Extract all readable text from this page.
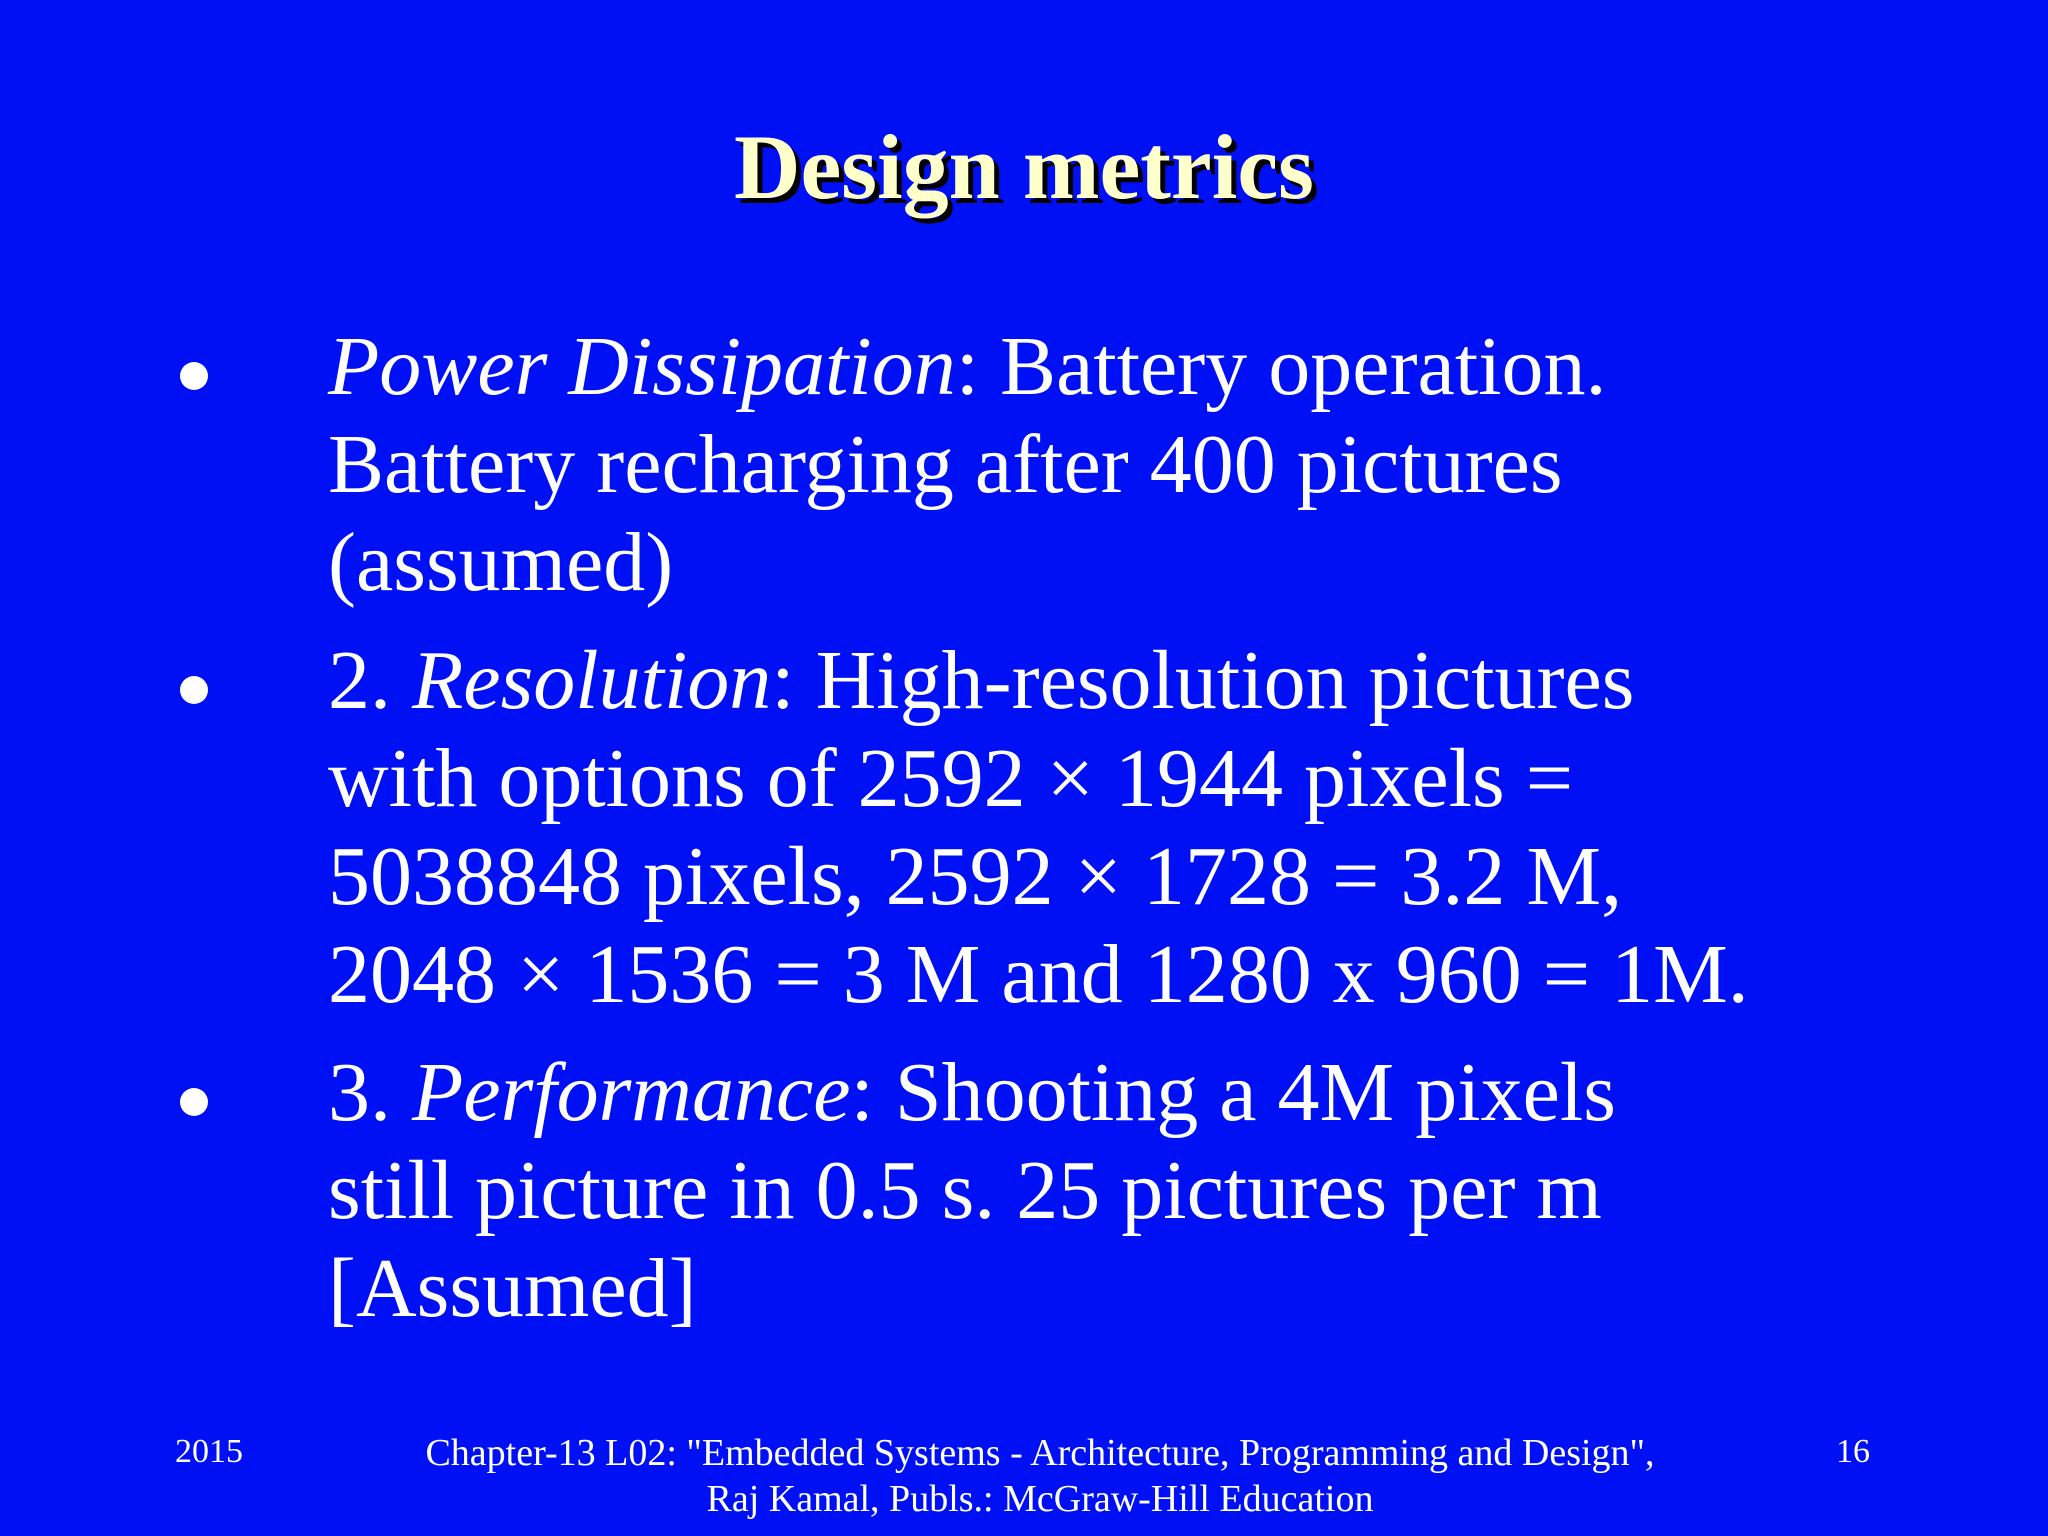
Design metrics
Power Dissipation: Battery operation.
Battery recharging after 400 pictures
(assumed)
2. Resolution: High-resolution pictures
with options of 2592 × 1944 pixels =
5038848 pixels, 2592 × 1728 = 3.2 M,
2048 × 1536 = 3 M and 1280 x 960 = 1M.
3. Performance: Shooting a 4M pixels
still picture in 0.5 s. 25 pictures per m
[Assumed]
2015	Chapter-13 L02: "Embedded Systems - Architecture, Programming and Design",
Raj Kamal, Publs.: McGraw-Hill Education
16
